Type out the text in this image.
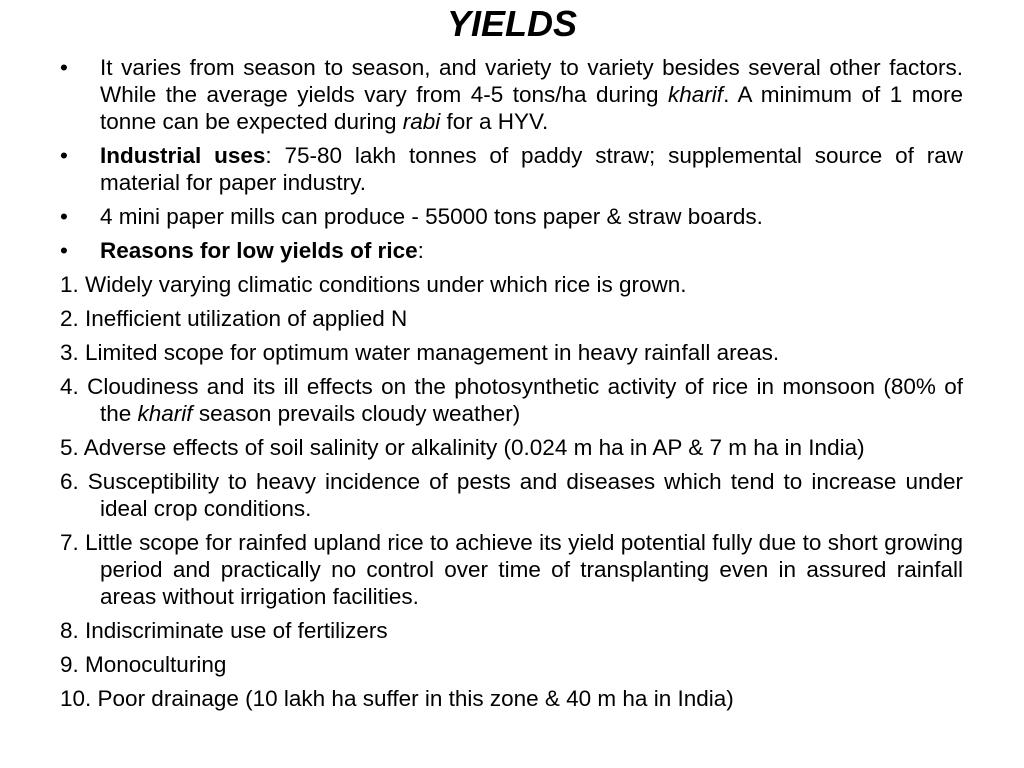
YIELDS
• It varies from season to season, and variety to variety besides several other factors. While the average yields vary from 4-5 tons/ha during kharif. A minimum of 1 more tonne can be expected during rabi for a HYV.
• Industrial uses: 75-80 lakh tonnes of paddy straw; supplemental source of raw material for paper industry.
• 4 mini paper mills can produce - 55000 tons paper & straw boards.
• Reasons for low yields of rice:
1. Widely varying climatic conditions under which rice is grown.
2. Inefficient utilization of applied N
3. Limited scope for optimum water management in heavy rainfall areas.
4. Cloudiness and its ill effects on the photosynthetic activity of rice in monsoon (80% of the kharif season prevails cloudy weather)
5. Adverse effects of soil salinity or alkalinity (0.024 m ha in AP & 7 m ha in India)
6. Susceptibility to heavy incidence of pests and diseases which tend to increase under ideal crop conditions.
7. Little scope for rainfed upland rice to achieve its yield potential fully due to short growing period and practically no control over time of transplanting even in assured rainfall areas without irrigation facilities.
8. Indiscriminate use of fertilizers
9. Monoculturing
10. Poor drainage (10 lakh ha suffer in this zone & 40 m ha in India)
